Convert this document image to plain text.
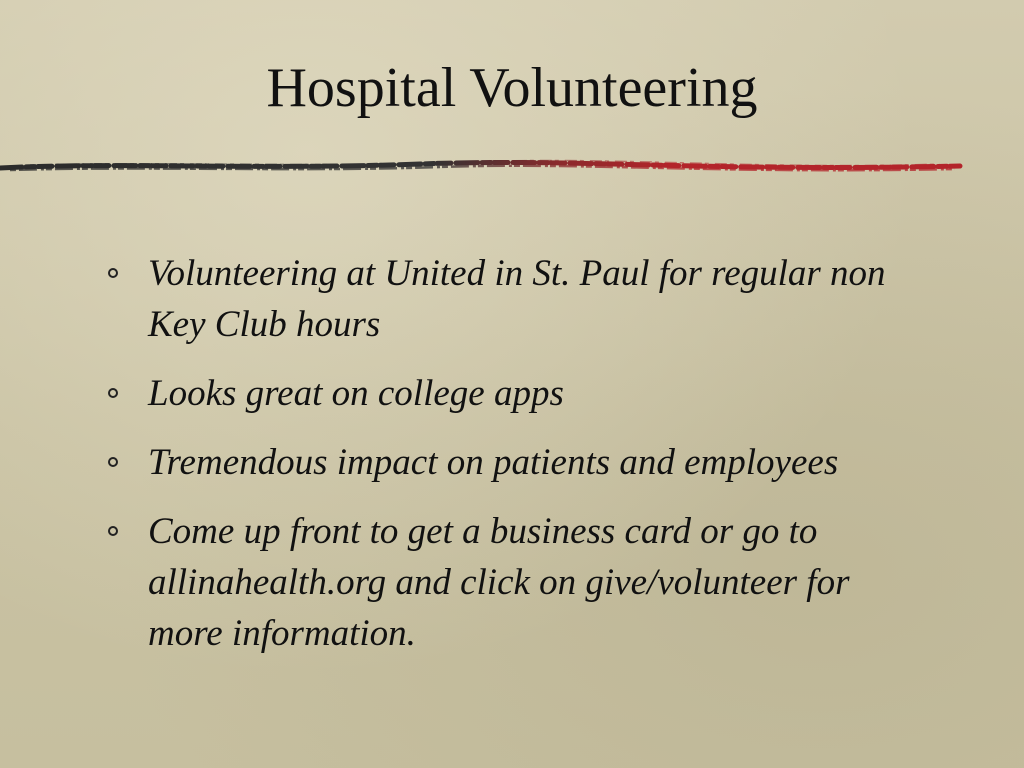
Hospital Volunteering
Volunteering at United in St. Paul for regular non Key Club hours
Looks great on college apps
Tremendous impact on patients and employees
Come up front to get a business card or go to allinahealth.org and click on give/volunteer for more information.
